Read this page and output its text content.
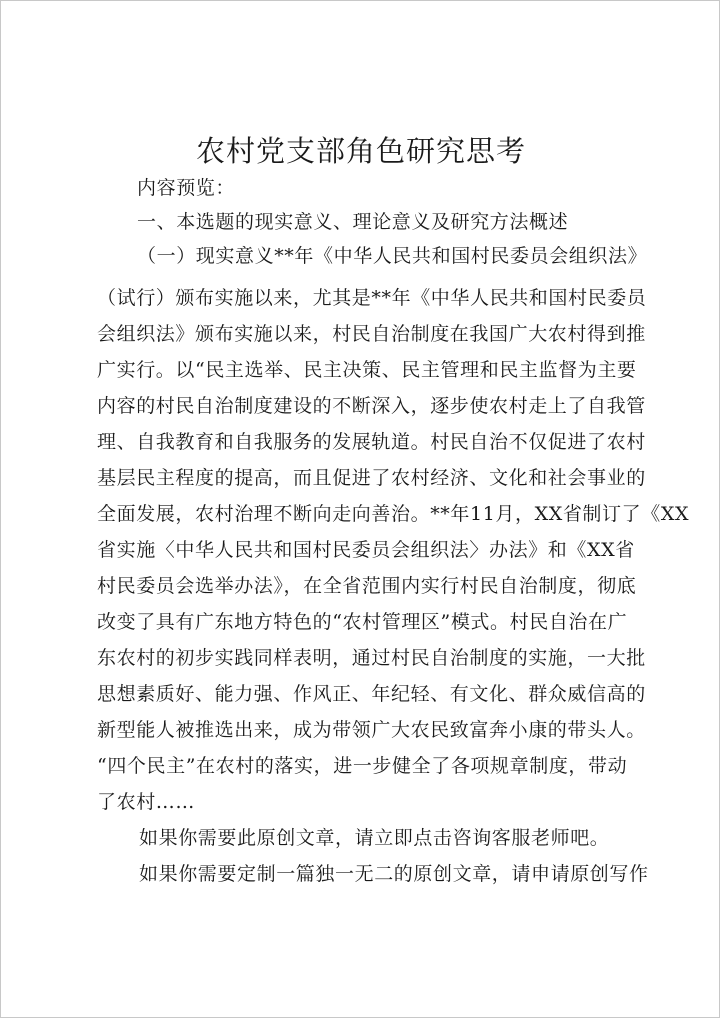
农村党支部角色研究思考
内容预览：
一、本选题的现实意义、理论意义及研究方法概述
（一）现实意义**年《中华人民共和国村民委员会组织法》
（试行）颁布实施以来，尤其是**年《中华人民共和国村民委员
会组织法》颁布实施以来，村民自治制度在我国广大农村得到推
广实行。以“民主选举、民主决策、民主管理和民主监督为主要
内容的村民自治制度建设的不断深入，逐步使农村走上了自我管
理、自我教育和自我服务的发展轨道。村民自治不仅促进了农村
基层民主程度的提高，而且促进了农村经济、文化和社会事业的
全面发展，农村治理不断向走向善治。**年11月，XX省制订了《XX
省实施〈中华人民共和国村民委员会组织法〉办法》和《XX省
村民委员会选举办法》，在全省范围内实行村民自治制度，彻底
改变了具有广东地方特色的“农村管理区”模式。村民自治在广
东农村的初步实践同样表明，通过村民自治制度的实施，一大批
思想素质好、能力强、作风正、年纪轻、有文化、群众威信高的
新型能人被推选出来，成为带领广大农民致富奔小康的带头人。
“四个民主”在农村的落实，进一步健全了各项规章制度，带动
了农村……
如果你需要此原创文章，请立即点击咨询客服老师吧。
如果你需要定制一篇独一无二的原创文章，请申请原创写作
